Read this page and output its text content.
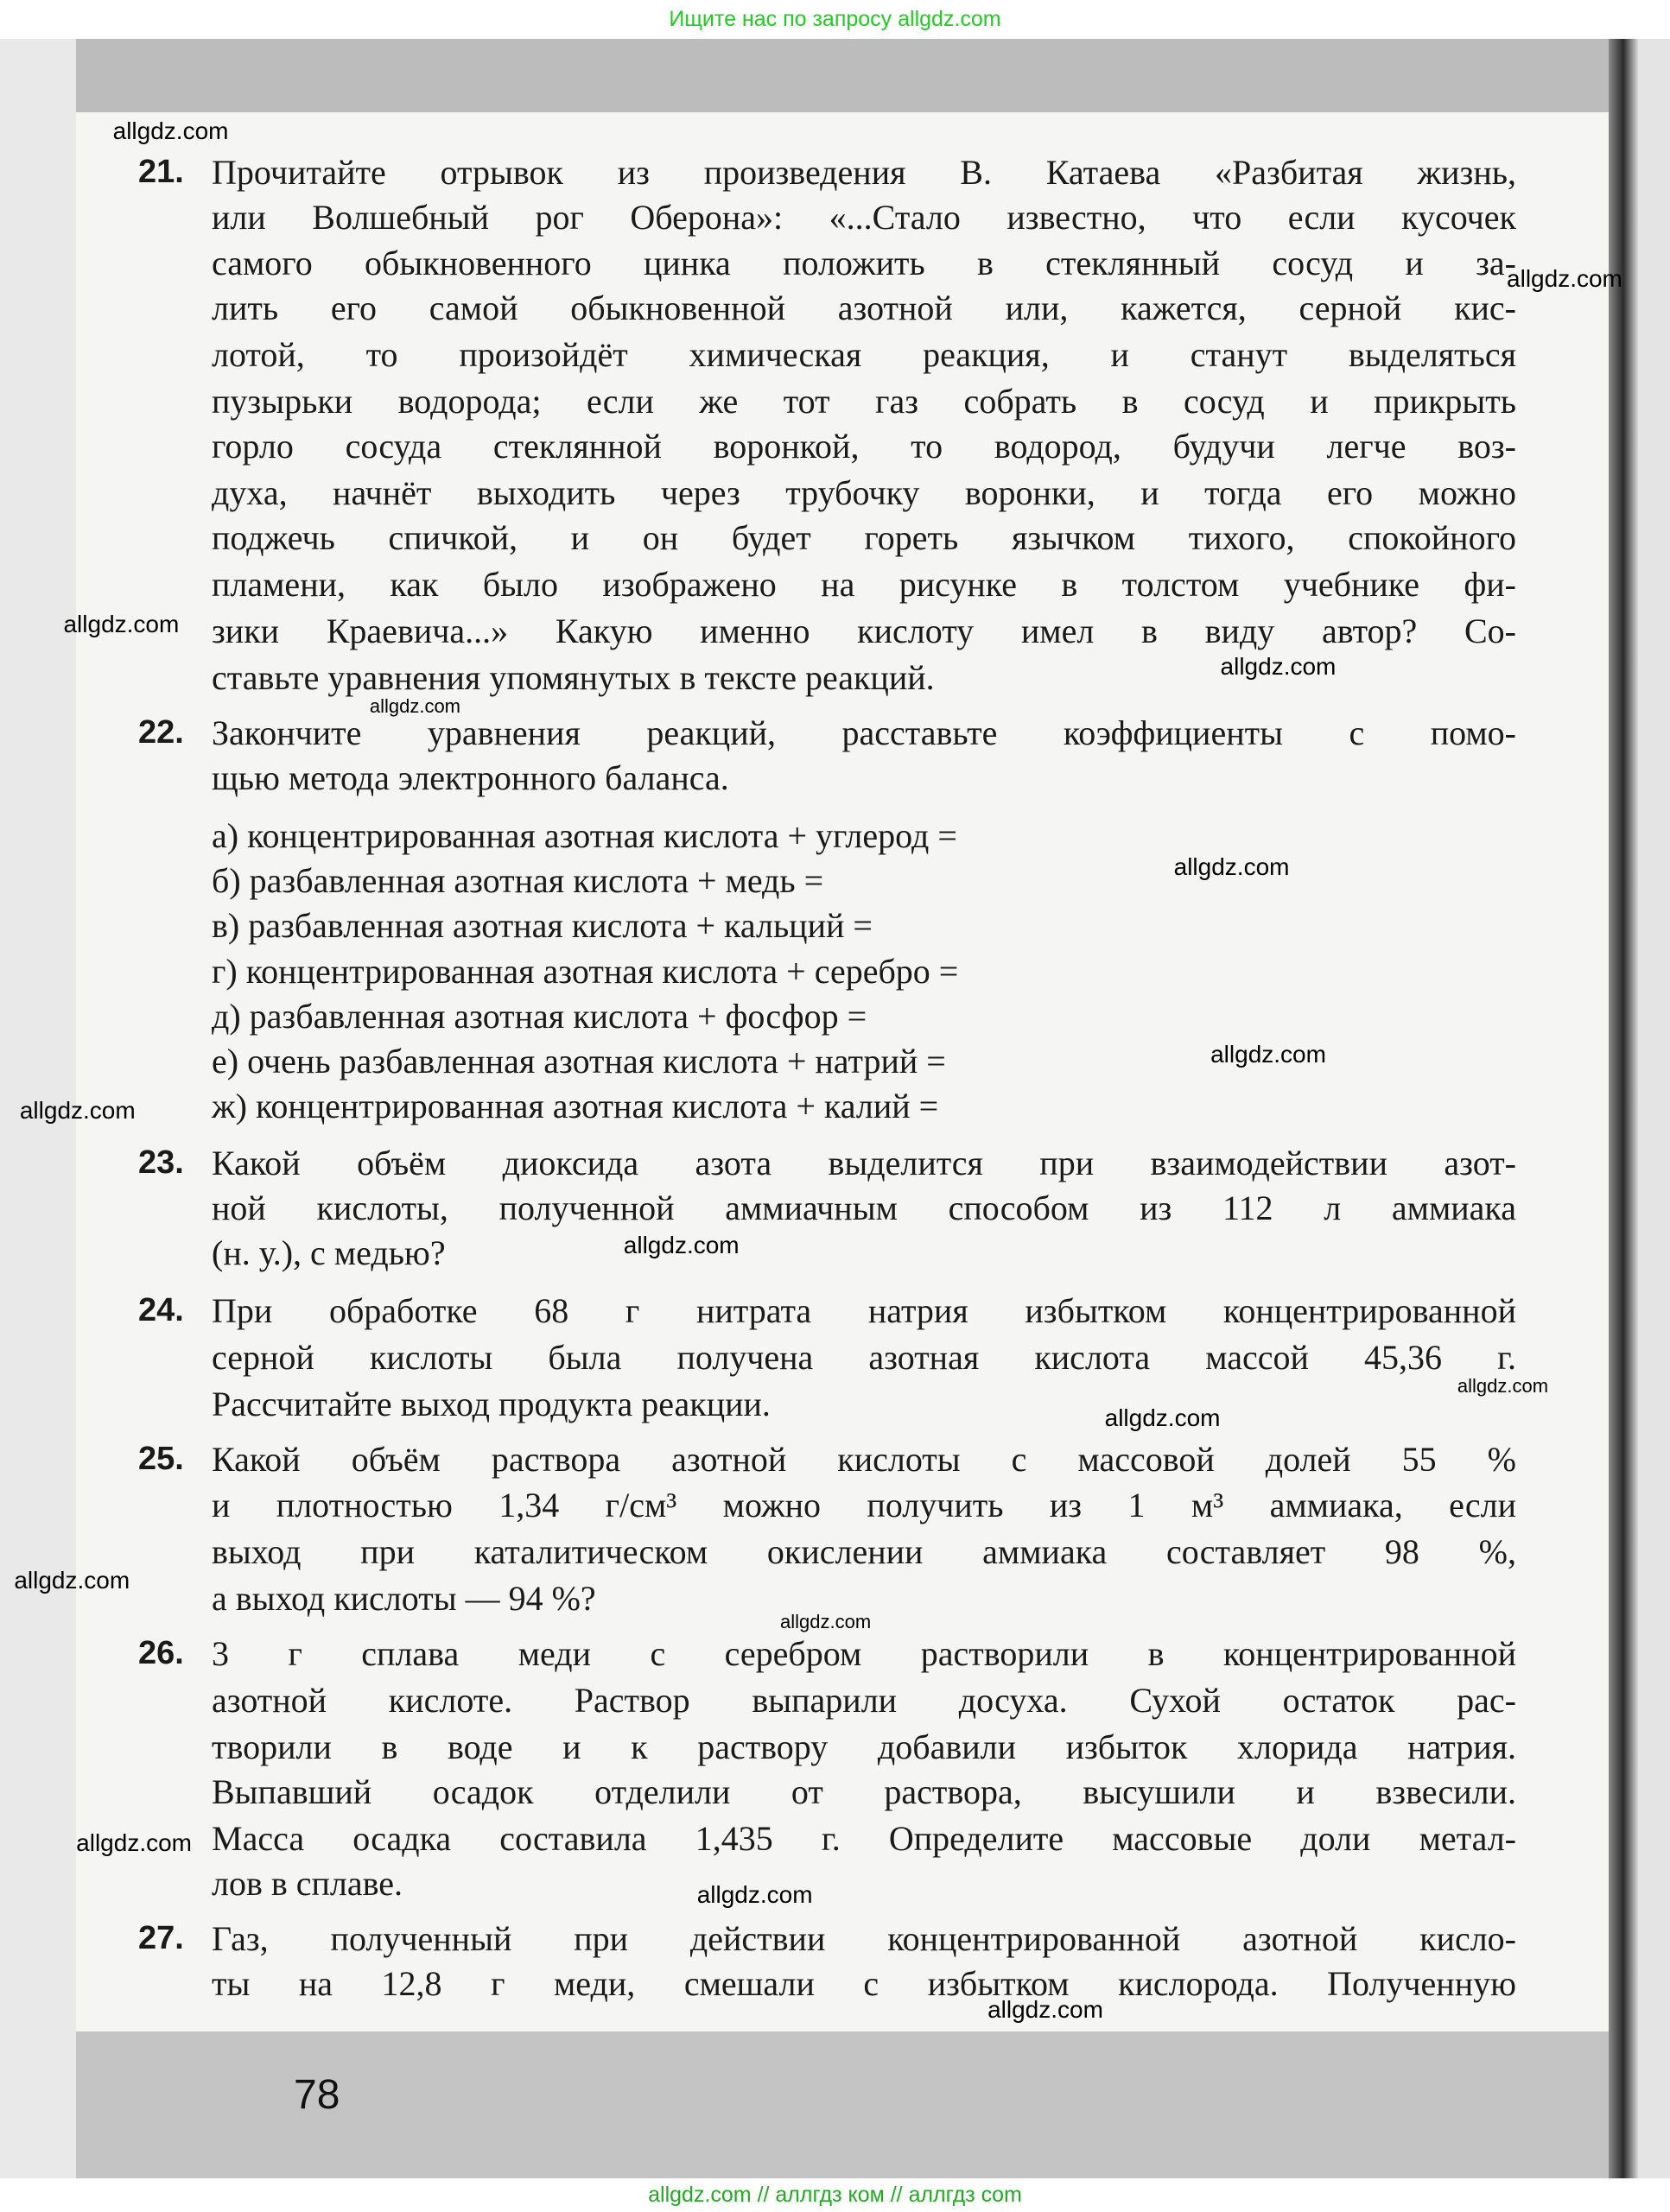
Ищите нас по запросу allgdz.com
78
21. Прочитайте отрывок из произведения В. Катаева «Разбитая жизнь,
или Волшебный рог Оберона»: «...Стало известно, что если кусочек
самого обыкновенного цинка положить в стеклянный сосуд и за-
лить его самой обыкновенной азотной или, кажется, серной кис-
лотой, то произойдёт химическая реакция, и станут выделяться
пузырьки водорода; если же тот газ собрать в сосуд и прикрыть
горло сосуда стеклянной воронкой, то водород, будучи легче воз-
духа, начнёт выходить через трубочку воронки, и тогда его можно
поджечь спичкой, и он будет гореть язычком тихого, спокойного
пламени, как было изображено на рисунке в толстом учебнике фи-
зики Краевича...» Какую именно кислоту имел в виду автор? Со-
ставьте уравнения упомянутых в тексте реакций.
22. Закончите уравнения реакций, расставьте коэффициенты с помо-
щью метода электронного баланса.
а) концентрированная азотная кислота + углерод =
б) разбавленная азотная кислота + медь =
в) разбавленная азотная кислота + кальций =
г) концентрированная азотная кислота + серебро =
д) разбавленная азотная кислота + фосфор =
е) очень разбавленная азотная кислота + натрий =
ж) концентрированная азотная кислота + калий =
23. Какой объём диоксида азота выделится при взаимодействии азот-
ной кислоты, полученной аммиачным способом из 112 л аммиака
(н. у.), с медью?
24. При обработке 68 г нитрата натрия избытком концентрированной
серной кислоты была получена азотная кислота массой 45,36 г.
Рассчитайте выход продукта реакции.
25. Какой объём раствора азотной кислоты с массовой долей 55 %
и плотностью 1,34 г/см³ можно получить из 1 м³ аммиака, если
выход при каталитическом окислении аммиака составляет 98 %,
а выход кислоты — 94 %?
26. 3 г сплава меди с серебром растворили в концентрированной
азотной кислоте. Раствор выпарили досуха. Сухой остаток рас-
творили в воде и к раствору добавили избыток хлорида натрия.
Выпавший осадок отделили от раствора, высушили и взвесили.
Масса осадка составила 1,435 г. Определите массовые доли метал-
лов в сплаве.
27. Газ, полученный при действии концентрированной азотной кисло-
ты на 12,8 г меди, смешали с избытком кислорода. Полученную
allgdz.com
allgdz.com
allgdz.com
allgdz.com
allgdz.com
allgdz.com
allgdz.com
allgdz.com
allgdz.com
allgdz.com
allgdz.com
allgdz.com
allgdz.com
allgdz.com
allgdz.com
allgdz.com
allgdz.com // аллгдз ком // аллгдз com
